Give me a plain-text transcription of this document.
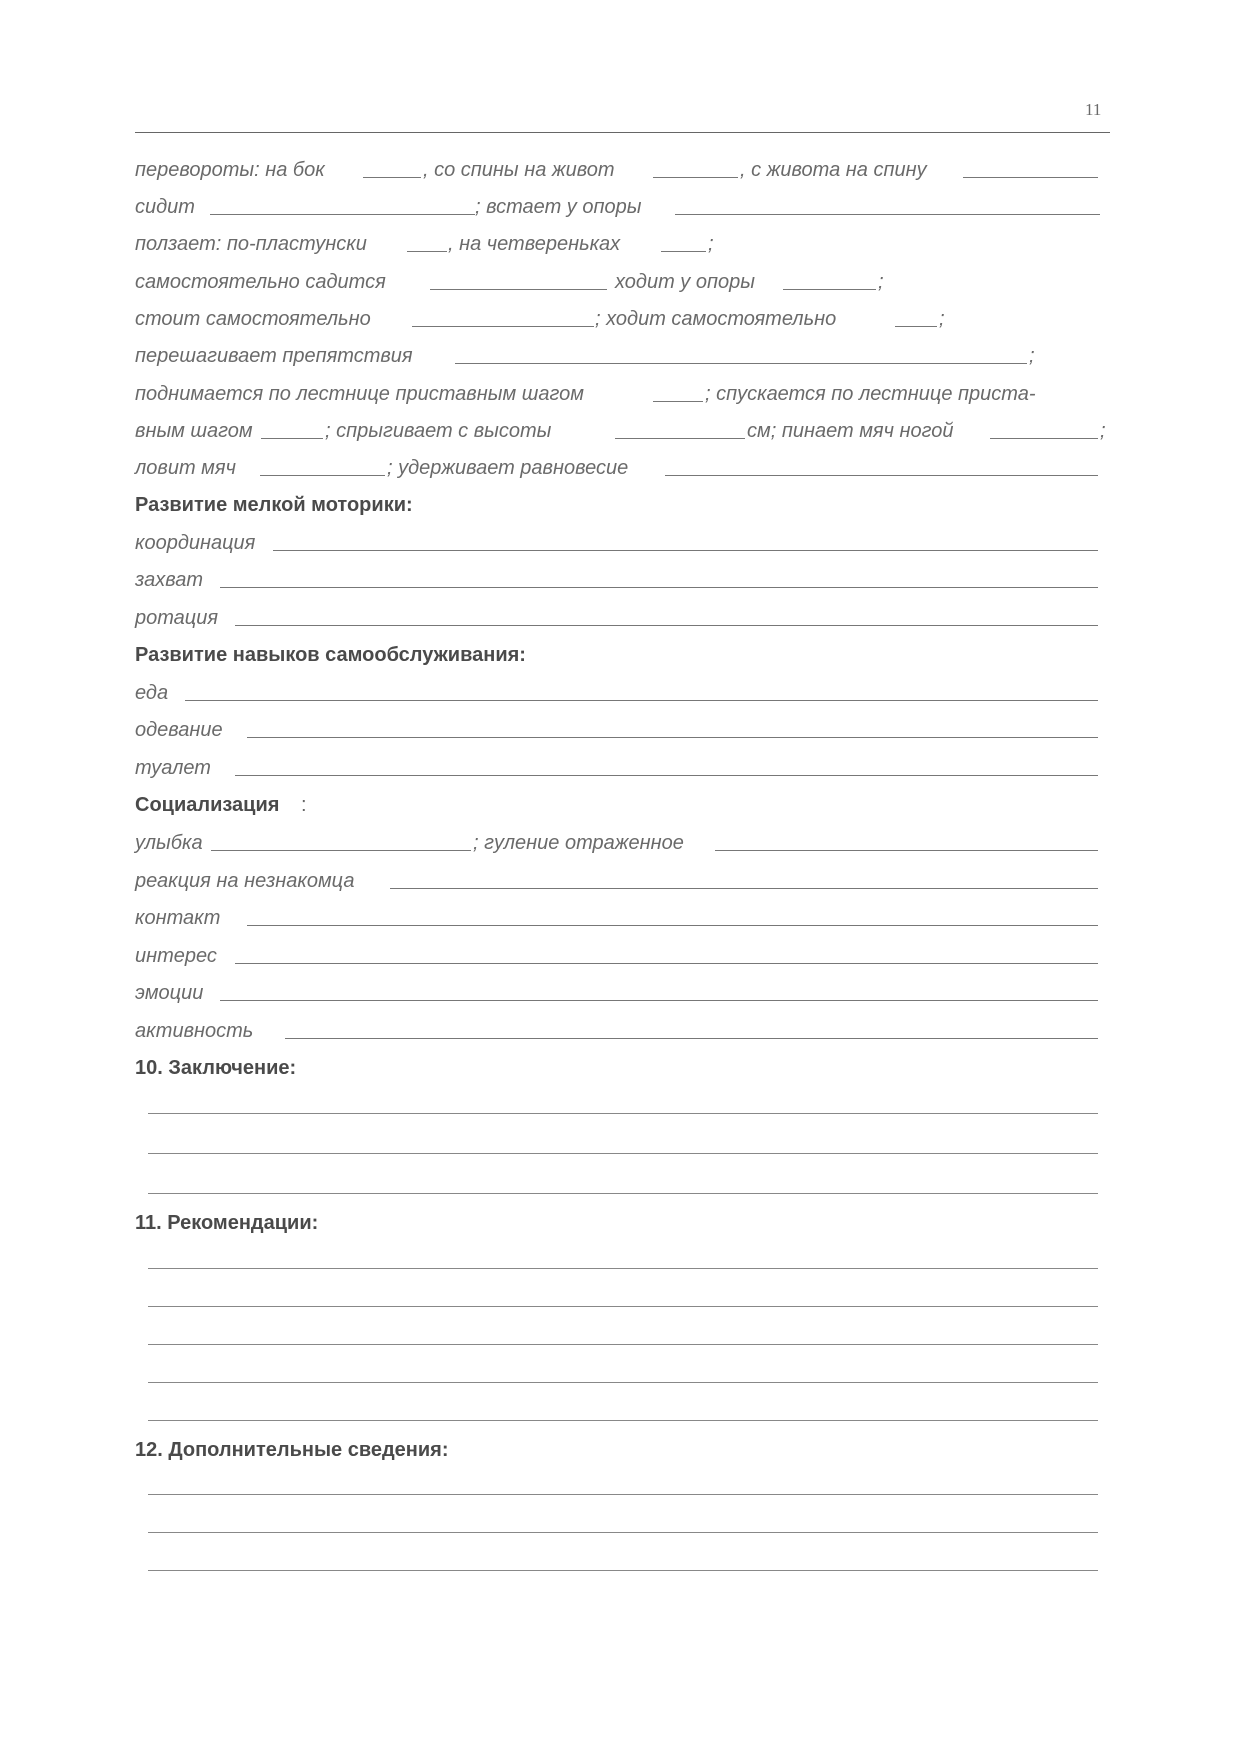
11
перевороты: на бок	, со спины на живот	, с живота на спину
сидит	; встает у опоры
ползает: по-пластунски	, на четвереньках	;
самостоятельно садится	ходит у опоры	;
стоит самостоятельно	; ходит самостоятельно	;
перешагивает препятствия	;
поднимается по лестнице приставным шагом	; спускается по лестнице приста-
вным шагом	; спрыгивает с высоты	см; пинает мяч ногой	;
ловит мяч	; удерживает равновесие
Развитие мелкой моторики:
координация
захват
ротация
Развитие навыков самообслуживания:
еда
одевание
туалет
Социализация :
улыбка	; гуление отраженное
реакция на незнакомца
контакт
интерес
эмоции
активность
10. Заключение:
11. Рекомендации:
12. Дополнительные сведения:
